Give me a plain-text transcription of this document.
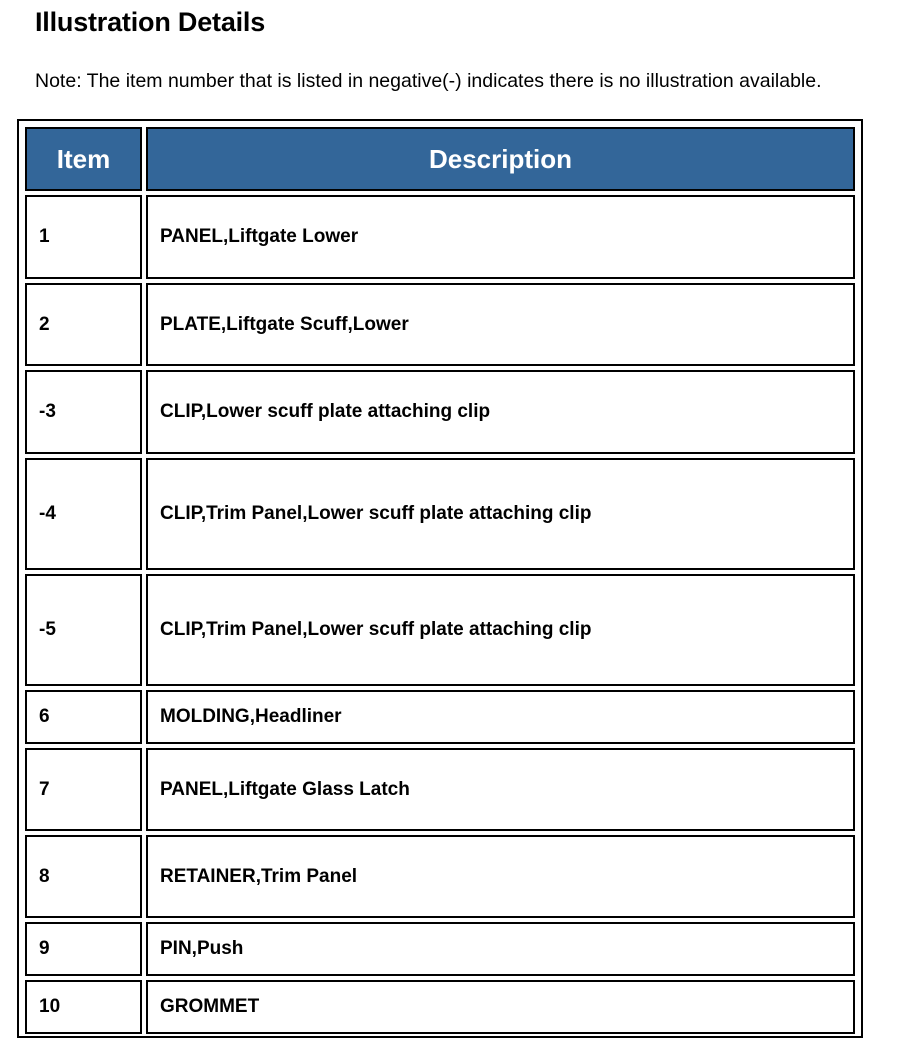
Illustration Details

Note: The item number that is listed in negative(-) indicates there is no illustration available.

Item	Description
1	PANEL,Liftgate Lower
2	PLATE,Liftgate Scuff,Lower
-3	CLIP,Lower scuff plate attaching clip
-4	CLIP,Trim Panel,Lower scuff plate attaching clip
-5	CLIP,Trim Panel,Lower scuff plate attaching clip
6	MOLDING,Headliner
7	PANEL,Liftgate Glass Latch
8	RETAINER,Trim Panel
9	PIN,Push
10	GROMMET
